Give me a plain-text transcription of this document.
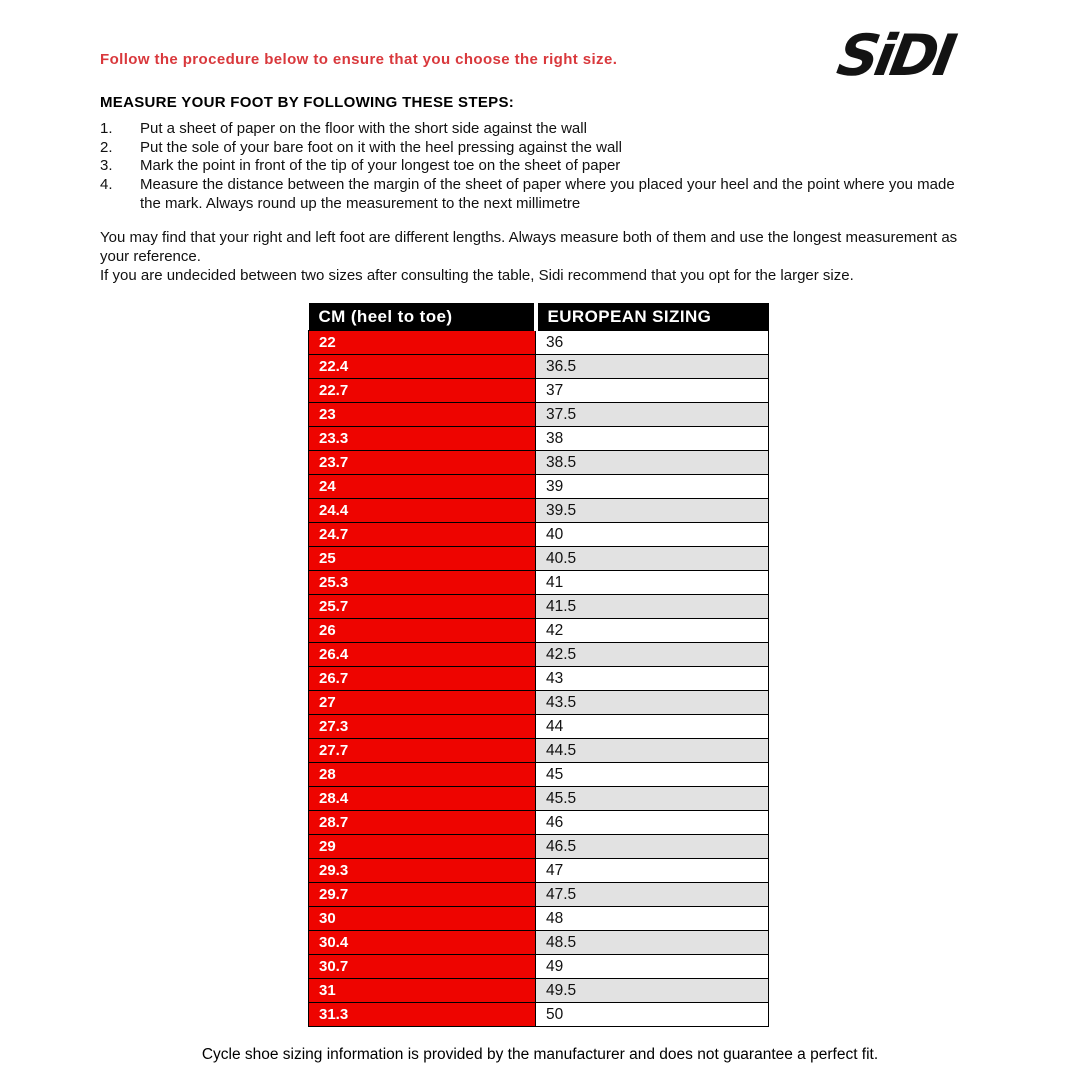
Follow the procedure below to ensure that you choose the right size.	SiDI
MEASURE YOUR FOOT BY FOLLOWING THESE STEPS:
1.	Put a sheet of paper on the floor with the short side against the wall
2.	Put the sole of your bare foot on it with the heel pressing against the wall
3.	Mark the point in front of the tip of your longest toe on the sheet of paper
4.	Measure the distance between the margin of the sheet of paper where you placed your heel and the point where you made the mark. Always round up the measurement to the next millimetre
You may find that your right and left foot are different lengths. Always measure both of them and use the longest measurement as your reference.
If you are undecided between two sizes after consulting the table, Sidi recommend that you opt for the larger size.
CM (heel to toe)	EUROPEAN SIZING
22	36
22.4	36.5
22.7	37
23	37.5
23.3	38
23.7	38.5
24	39
24.4	39.5
24.7	40
25	40.5
25.3	41
25.7	41.5
26	42
26.4	42.5
26.7	43
27	43.5
27.3	44
27.7	44.5
28	45
28.4	45.5
28.7	46
29	46.5
29.3	47
29.7	47.5
30	48
30.4	48.5
30.7	49
31	49.5
31.3	50
Cycle shoe sizing information is provided by the manufacturer and does not guarantee a perfect fit.
